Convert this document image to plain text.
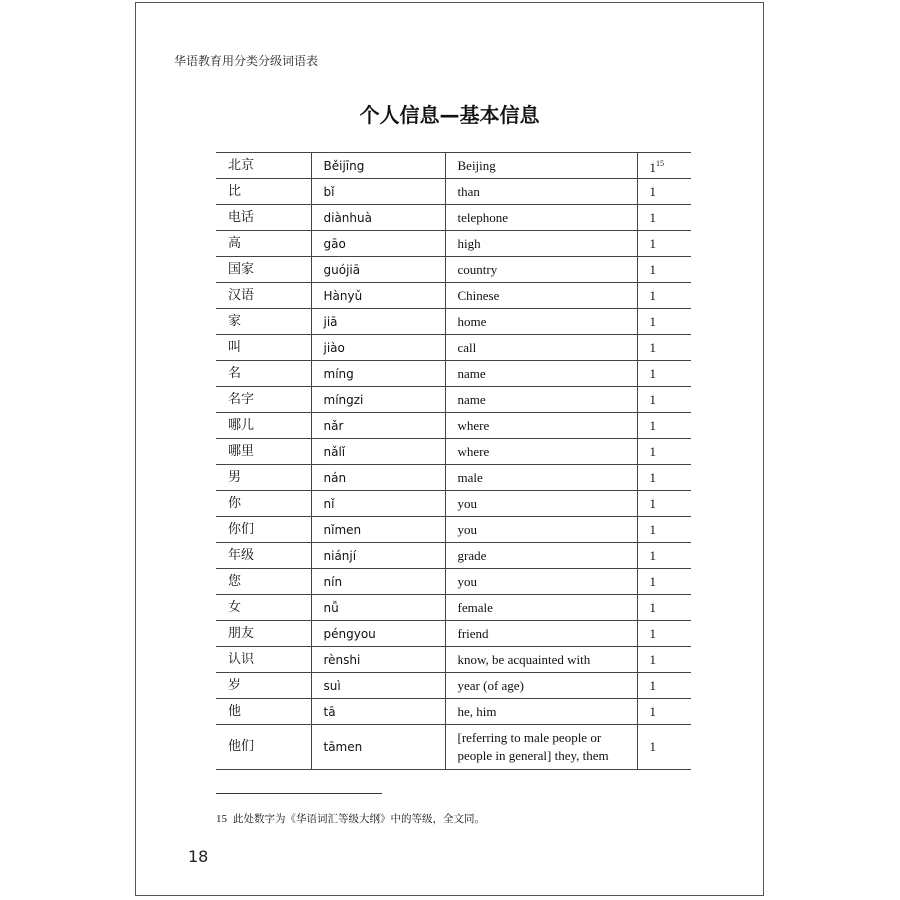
华语教育用分类分级词语表
个人信息—基本信息
北京	Běijīng	Beijing	$1^{15}$
比	bǐ	than	1
电话	diànhuà	telephone	1
高	gāo	high	1
国家	guójiā	country	1
汉语	Hànyǔ	Chinese	1
家	jiā	home	1
叫	jiào	call	1
名	míng	name	1
名字	míngzi	name	1
哪儿	nǎr	where	1
哪里	nǎlǐ	where	1
男	nán	male	1
你	nǐ	you	1
你们	nǐmen	you	1
年级	niánjí	grade	1
您	nín	you	1
女	nǚ	female	1
朋友	péngyou	friend	1
认识	rènshi	know, be acquainted with	1
岁	suì	year (of age)	1
他	tā	he, him	1
他们	tāmen	[referring to male people or people in general] they, them	1
15 此处数字为《华语词汇等级大纲》中的等级，全文同。
18
